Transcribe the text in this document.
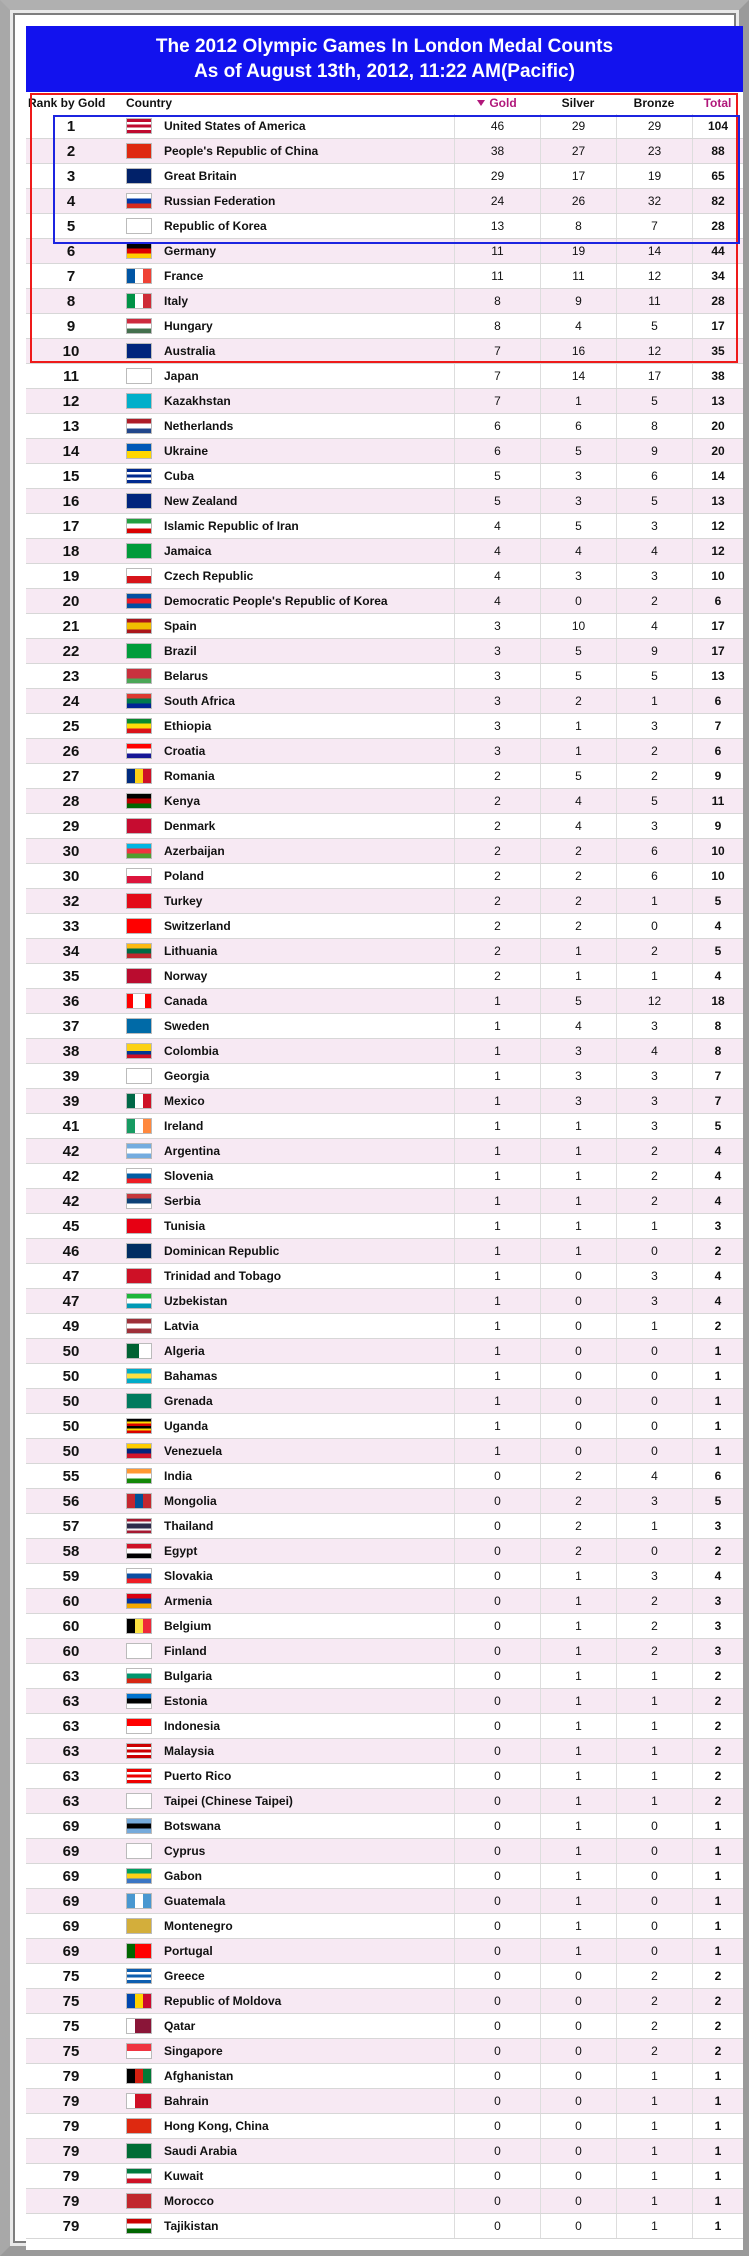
The 2012 Olympic Games In London Medal Counts
As of August 13th, 2012, 11:22 AM(Pacific)
Rank by Gold	Country	Gold	Silver	Bronze	Total
1	United States of America	46	29	29	104
2	People's Republic of China	38	27	23	88
3	Great Britain	29	17	19	65
4	Russian Federation	24	26	32	82
5	Republic of Korea	13	8	7	28
6	Germany	11	19	14	44
7	France	11	11	12	34
8	Italy	8	9	11	28
9	Hungary	8	4	5	17
10	Australia	7	16	12	35
11	Japan	7	14	17	38
12	Kazakhstan	7	1	5	13
13	Netherlands	6	6	8	20
14	Ukraine	6	5	9	20
15	Cuba	5	3	6	14
16	New Zealand	5	3	5	13
17	Islamic Republic of Iran	4	5	3	12
18	Jamaica	4	4	4	12
19	Czech Republic	4	3	3	10
20	Democratic People's Republic of Korea	4	0	2	6
21	Spain	3	10	4	17
22	Brazil	3	5	9	17
23	Belarus	3	5	5	13
24	South Africa	3	2	1	6
25	Ethiopia	3	1	3	7
26	Croatia	3	1	2	6
27	Romania	2	5	2	9
28	Kenya	2	4	5	11
29	Denmark	2	4	3	9
30	Azerbaijan	2	2	6	10
30	Poland	2	2	6	10
32	Turkey	2	2	1	5
33	Switzerland	2	2	0	4
34	Lithuania	2	1	2	5
35	Norway	2	1	1	4
36	Canada	1	5	12	18
37	Sweden	1	4	3	8
38	Colombia	1	3	4	8
39	Georgia	1	3	3	7
39	Mexico	1	3	3	7
41	Ireland	1	1	3	5
42	Argentina	1	1	2	4
42	Slovenia	1	1	2	4
42	Serbia	1	1	2	4
45	Tunisia	1	1	1	3
46	Dominican Republic	1	1	0	2
47	Trinidad and Tobago	1	0	3	4
47	Uzbekistan	1	0	3	4
49	Latvia	1	0	1	2
50	Algeria	1	0	0	1
50	Bahamas	1	0	0	1
50	Grenada	1	0	0	1
50	Uganda	1	0	0	1
50	Venezuela	1	0	0	1
55	India	0	2	4	6
56	Mongolia	0	2	3	5
57	Thailand	0	2	1	3
58	Egypt	0	2	0	2
59	Slovakia	0	1	3	4
60	Armenia	0	1	2	3
60	Belgium	0	1	2	3
60	Finland	0	1	2	3
63	Bulgaria	0	1	1	2
63	Estonia	0	1	1	2
63	Indonesia	0	1	1	2
63	Malaysia	0	1	1	2
63	Puerto Rico	0	1	1	2
63	Taipei (Chinese Taipei)	0	1	1	2
69	Botswana	0	1	0	1
69	Cyprus	0	1	0	1
69	Gabon	0	1	0	1
69	Guatemala	0	1	0	1
69	Montenegro	0	1	0	1
69	Portugal	0	1	0	1
75	Greece	0	0	2	2
75	Republic of Moldova	0	0	2	2
75	Qatar	0	0	2	2
75	Singapore	0	0	2	2
79	Afghanistan	0	0	1	1
79	Bahrain	0	0	1	1
79	Hong Kong, China	0	0	1	1
79	Saudi Arabia	0	0	1	1
79	Kuwait	0	0	1	1
79	Morocco	0	0	1	1
79	Tajikistan	0	0	1	1
